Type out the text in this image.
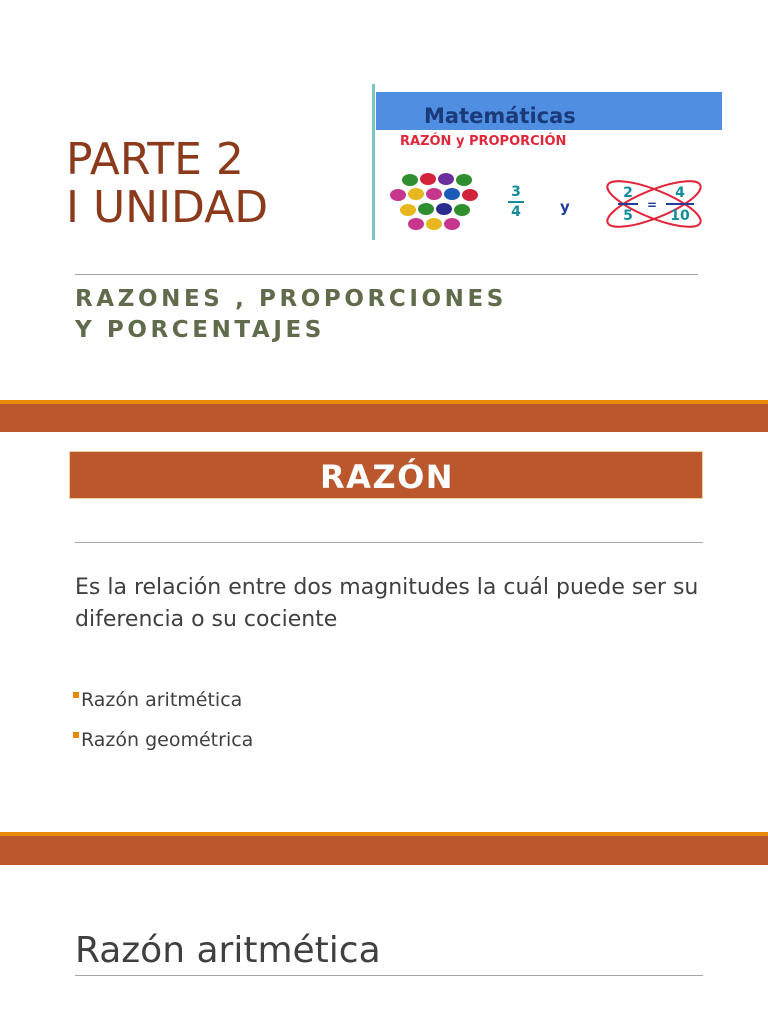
PARTE 2
I UNIDAD
Matemáticas
RAZÓN y PROPORCIÓN
3
4	y
2
5
=
4
10
RAZONES , PROPORCIONES
Y PORCENTAJES
RAZÓN
Es la relación entre dos magnitudes la cuál puede ser su diferencia o su cociente
Razón aritmética
Razón geométrica
Razón aritmética
